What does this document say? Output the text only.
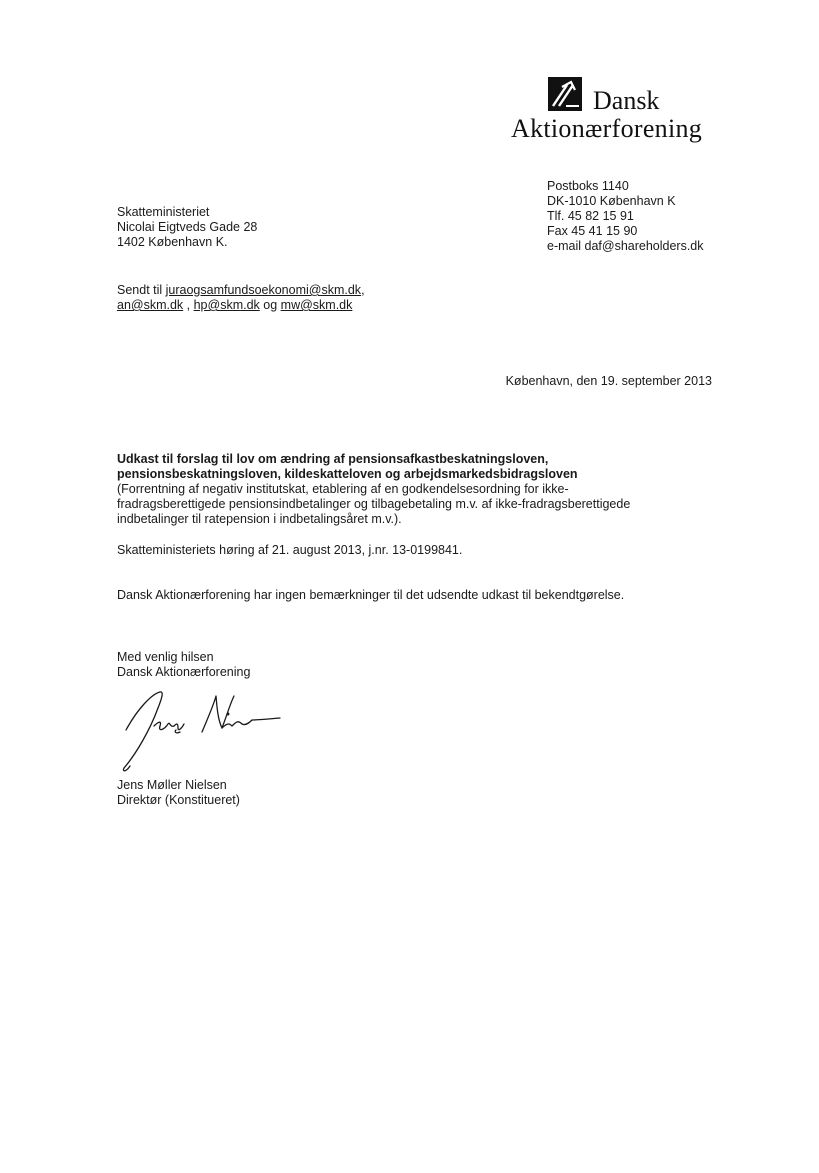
Dansk
Aktionærforening
Postboks 1140
DK-1010 København K
Tlf. 45 82 15 91
Fax 45 41 15 90
e-mail daf@shareholders.dk
Skatteministeriet
Nicolai Eigtveds Gade 28
1402 København K.
Sendt til juraogsamfundsoekonomi@skm.dk,
an@skm.dk , hp@skm.dk og mw@skm.dk
København, den 19. september 2013
Udkast til forslag til lov om ændring af pensionsafkastbeskatningsloven,
pensionsbeskatningsloven, kildeskatteloven og arbejdsmarkedsbidragsloven
(Forrentning af negativ institutskat, etablering af en godkendelsesordning for ikke-
fradragsberettigede pensionsindbetalinger og tilbagebetaling m.v. af ikke-fradragsberettigede
indbetalinger til ratepension i indbetalingsåret m.v.).
Skatteministeriets høring af 21. august 2013, j.nr. 13-0199841.
Dansk Aktionærforening har ingen bemærkninger til det udsendte udkast til bekendtgørelse.
Med venlig hilsen
Dansk Aktionærforening
Jens Møller Nielsen
Direktør (Konstitueret)
